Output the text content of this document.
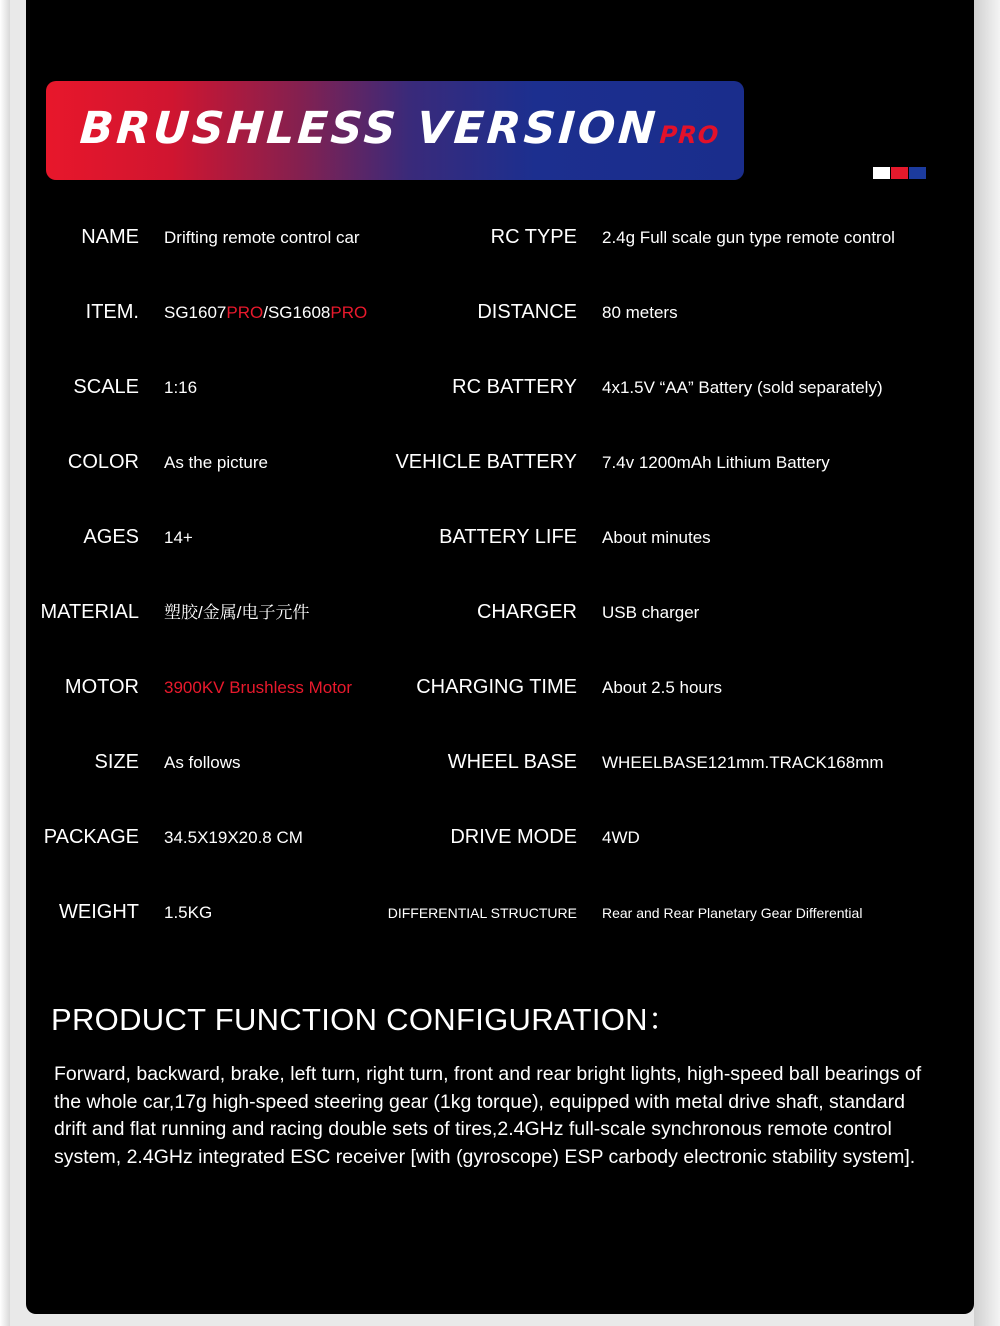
BRUSHLESS VERSIONPRO
NAME Drifting remote control car
ITEM. SG1607PRO/SG1608PRO
SCALE 1:16
COLOR As the picture
AGES 14+
MATERIAL 塑胶/金属/电子元件
MOTOR 3900KV Brushless Motor
SIZE As follows
PACKAGE 34.5X19X20.8 CM
WEIGHT 1.5KG
RC TYPE 2.4g Full scale gun type remote control
DISTANCE 80 meters
RC BATTERY 4x1.5V “AA” Battery (sold separately)
VEHICLE BATTERY 7.4v 1200mAh Lithium Battery
BATTERY LIFE About minutes
CHARGER USB charger
CHARGING TIME About 2.5 hours
WHEEL BASE WHEELBASE121mm.TRACK168mm
DRIVE MODE 4WD
DIFFERENTIAL STRUCTURE Rear and Rear Planetary Gear Differential
PRODUCT FUNCTION CONFIGURATION：

Forward, backward, brake, left turn, right turn, front and rear bright lights, high-speed ball bearings of the whole car,17g high-speed steering gear (1kg torque), equipped with metal drive shaft, standard drift and flat running and racing double sets of tires,2.4GHz full-scale synchronous remote control system, 2.4GHz integrated ESC receiver [with (gyroscope) ESP carbody electronic stability system].
